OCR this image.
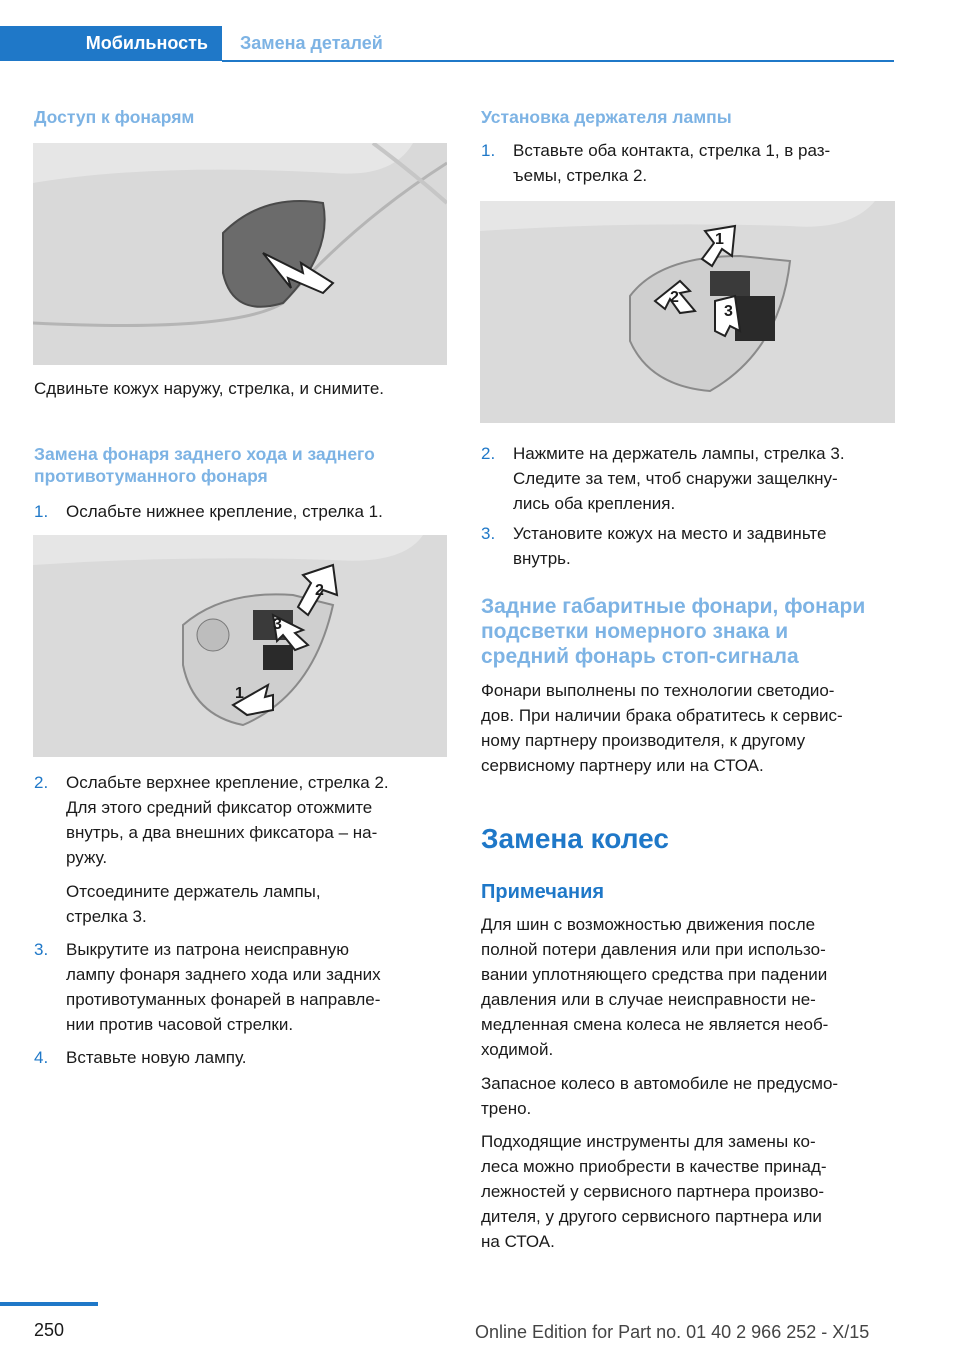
Мобильность	Замена деталей
Доступ к фонарям
Сдвиньте кожух наружу, стрелка, и снимите.
Замена фонаря заднего хода и заднего
противотуманного фонаря
1. Ослабьте нижнее крепление, стрелка 1.
1
2
3
2. Ослабьте верхнее крепление, стрелка 2.
Для этого средний фиксатор отожмите
внутрь, а два внешних фиксатора – на-
ружу.
Отсоедините держатель лампы,
стрелка 3.
3. Выкрутите из патрона неисправную
лампу фонаря заднего хода или задних
противотуманных фонарей в направле-
нии против часовой стрелки.
4. Вставьте новую лампу.
Установка держателя лампы
1. Вставьте оба контакта, стрелка 1, в раз-
ъемы, стрелка 2.
1
2
3
2. Нажмите на держатель лампы, стрелка 3.
Следите за тем, чтоб снаружи защелкну-
лись оба крепления.
3. Установите кожух на место и задвиньте
внутрь.
Задние габаритные фонари, фонари
подсветки номерного знака и
средний фонарь стоп-сигнала
Фонари выполнены по технологии светодио-
дов. При наличии брака обратитесь к сервис-
ному партнеру производителя, к другому
сервисному партнеру или на СТОА.
Замена колес
Примечания
Для шин с возможностью движения после
полной потери давления или при использо-
вании уплотняющего средства при падении
давления или в случае неисправности не-
медленная смена колеса не является необ-
ходимой.
Запасное колесо в автомобиле не предусмо-
трено.
Подходящие инструменты для замены ко-
леса можно приобрести в качестве принад-
лежностей у сервисного партнера произво-
дителя, у другого сервисного партнера или
на СТОА.
250	Online Edition for Part no. 01 40 2 966 252 - X/15
